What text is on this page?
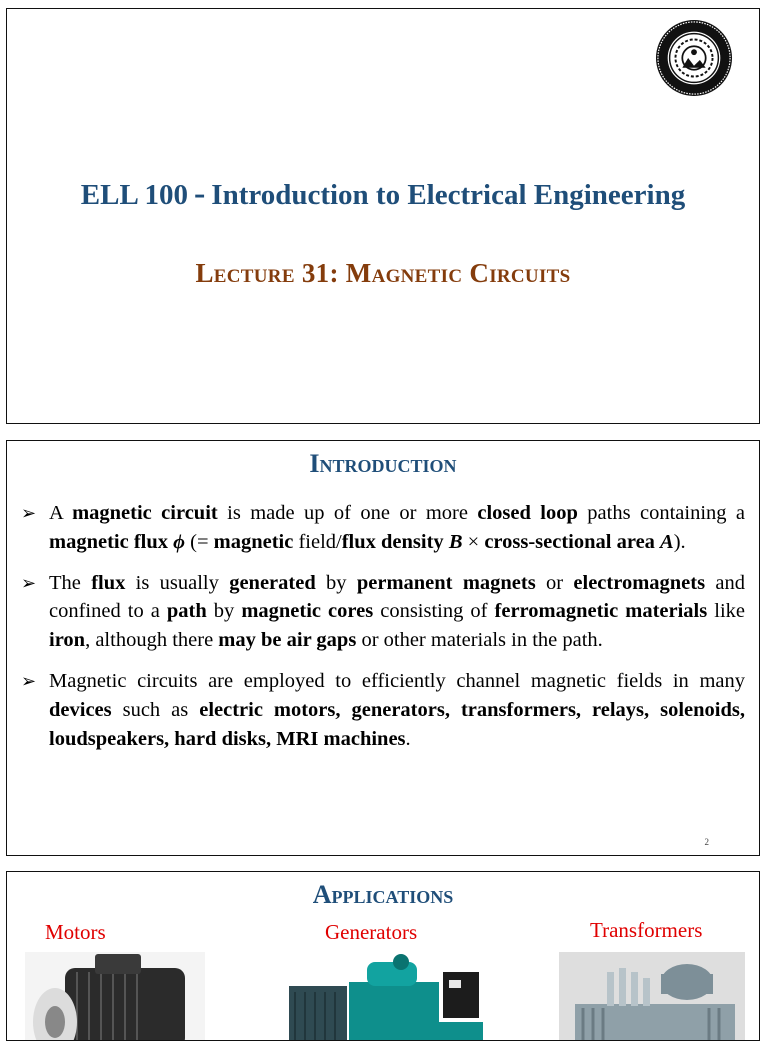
ELL 100 - Introduction to Electrical Engineering
Lecture 31: Magnetic Circuits
Introduction
➢ A magnetic circuit is made up of one or more closed loop paths containing a magnetic flux ϕ (= magnetic field/flux density B × cross-sectional area A).
➢ The flux is usually generated by permanent magnets or electromagnets and confined to a path by magnetic cores consisting of ferromagnetic materials like iron, although there may be air gaps or other materials in the path.
➢ Magnetic circuits are employed to efficiently channel magnetic fields in many devices such as electric motors, generators, transformers, relays, solenoids, loudspeakers, hard disks, MRI machines.
2
Applications
Motors	Generators	Transformers
